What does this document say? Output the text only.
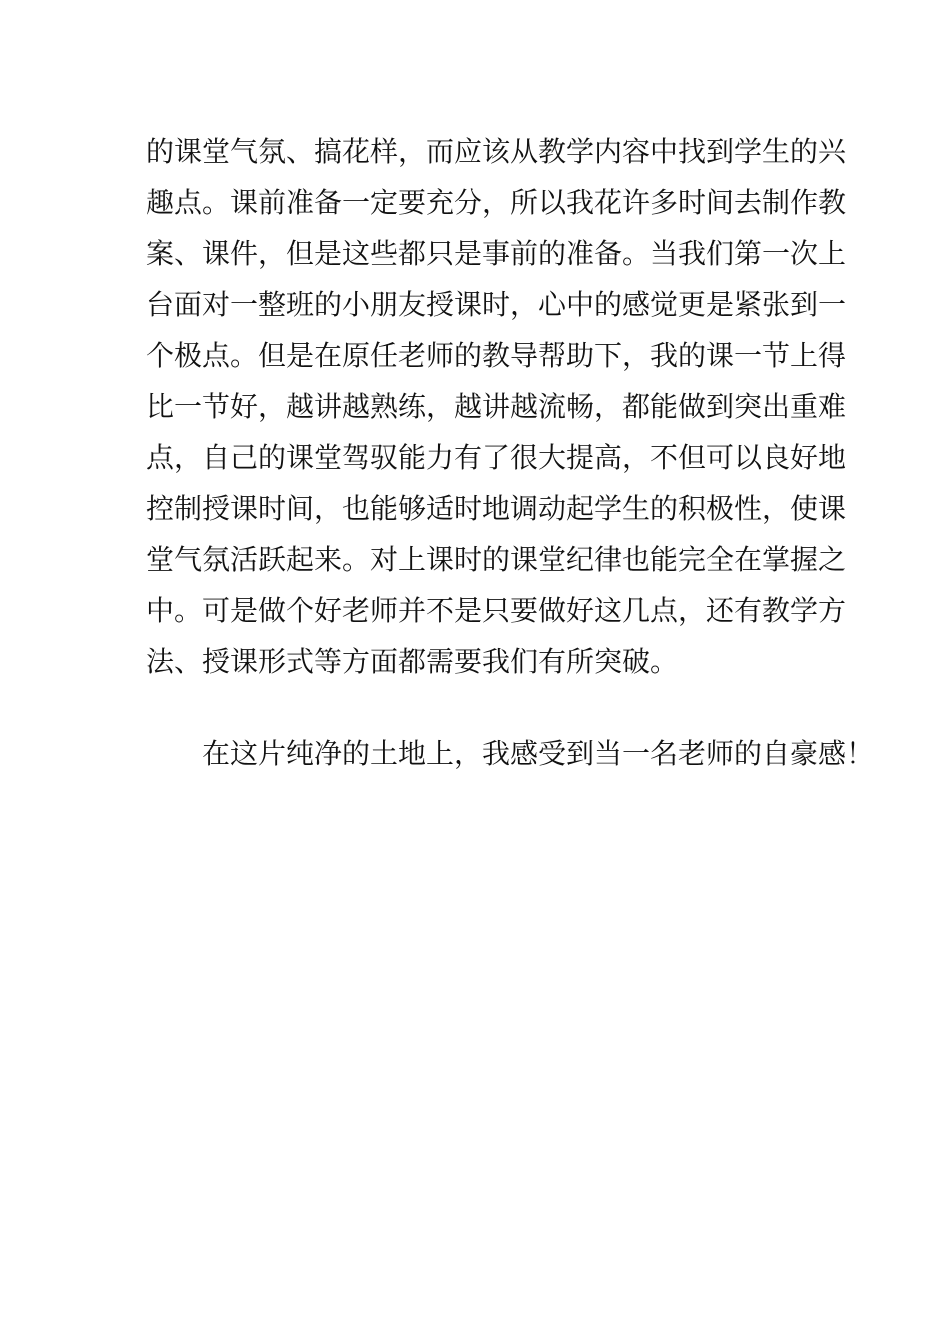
的课堂气氛、搞花样，而应该从教学内容中找到学生的兴
趣点。课前准备一定要充分，所以我花许多时间去制作教
案、课件，但是这些都只是事前的准备。当我们第一次上
台面对一整班的小朋友授课时，心中的感觉更是紧张到一
个极点。但是在原任老师的教导帮助下，我的课一节上得
比一节好，越讲越熟练，越讲越流畅，都能做到突出重难
点，自己的课堂驾驭能力有了很大提高，不但可以良好地
控制授课时间，也能够适时地调动起学生的积极性，使课
堂气氛活跃起来。对上课时的课堂纪律也能完全在掌握之
中。可是做个好老师并不是只要做好这几点，还有教学方
法、授课形式等方面都需要我们有所突破。
在这片纯净的土地上，我感受到当一名老师的自豪感！
